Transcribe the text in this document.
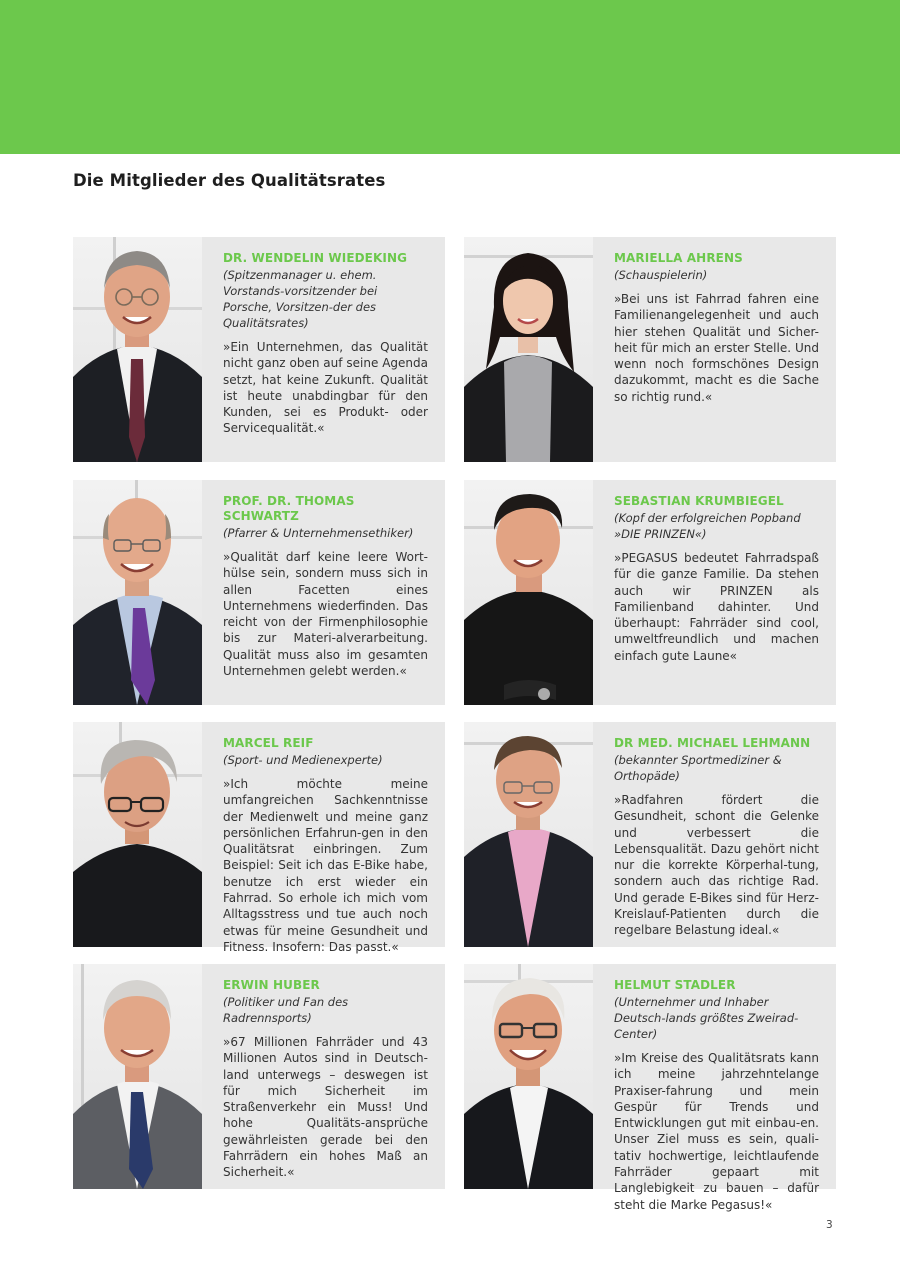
Die Mitglieder des Qualitätsrates
DR. WENDELIN WIEDEKING
(Spitzenmanager u. ehem. Vorstands-vorsitzender bei Porsche, Vorsitzen-der des Qualitätsrates)
»Ein Unternehmen, das Qualität nicht ganz oben auf seine Agenda setzt, hat keine Zukunft. Qualität ist heute unabdingbar für den Kunden, sei es Produkt- oder Servicequalität.«
MARIELLA AHRENS
(Schauspielerin)
»Bei uns ist Fahrrad fahren eine Familienangelegenheit und auch hier stehen Qualität und Sicher-heit für mich an erster Stelle. Und wenn noch formschönes Design dazukommt, macht es die Sache so richtig rund.«
PROF. DR. THOMAS SCHWARTZ
(Pfarrer & Unternehmensethiker)
»Qualität darf keine leere Wort-hülse sein, sondern muss sich in allen Facetten eines Unternehmens wiederfinden. Das reicht von der Firmenphilosophie bis zur Materi-alverarbeitung. Qualität muss also im gesamten Unternehmen gelebt werden.«
SEBASTIAN KRUMBIEGEL
(Kopf der erfolgreichen Popband »DIE PRINZEN«)
»PEGASUS bedeutet Fahrradspaß für die ganze Familie. Da stehen auch wir PRINZEN als Familienband dahinter. Und überhaupt: Fahrräder sind cool, umweltfreundlich und machen einfach gute Laune«
MARCEL REIF
(Sport- und Medienexperte)
»Ich möchte meine umfangreichen Sachkenntnisse der Medienwelt und meine ganz persönlichen Erfahrun-gen in den Qualitätsrat einbringen. Zum Beispiel: Seit ich das E-Bike habe, benutze ich erst wieder ein Fahrrad. So erhole ich mich vom Alltagsstress und tue auch noch etwas für meine Gesundheit und Fitness. Insofern: Das passt.«
DR MED. MICHAEL LEHMANN
(bekannter Sportmediziner & Orthopäde)
»Radfahren fördert die Gesundheit, schont die Gelenke und verbessert die Lebensqualität. Dazu gehört nicht nur die korrekte Körperhal-tung, sondern auch das richtige Rad. Und gerade E-Bikes sind für Herz-Kreislauf-Patienten durch die regelbare Belastung ideal.«
ERWIN HUBER
(Politiker und Fan des Radrennsports)
»67 Millionen Fahrräder und 43 Millionen Autos sind in Deutsch-land unterwegs – deswegen ist für mich Sicherheit im Straßenverkehr ein Muss! Und hohe Qualitäts-ansprüche gewährleisten gerade bei den Fahrrädern ein hohes Maß an Sicherheit.«
HELMUT STADLER
(Unternehmer und Inhaber Deutsch-lands größtes Zweirad-Center)
»Im Kreise des Qualitätsrats kann ich meine jahrzehntelange Praxiser-fahrung und mein Gespür für Trends und Entwicklungen gut mit einbau-en. Unser Ziel muss es sein, quali-tativ hochwertige, leichtlaufende Fahrräder gepaart mit Langlebigkeit zu bauen – dafür steht die Marke Pegasus!«
3
